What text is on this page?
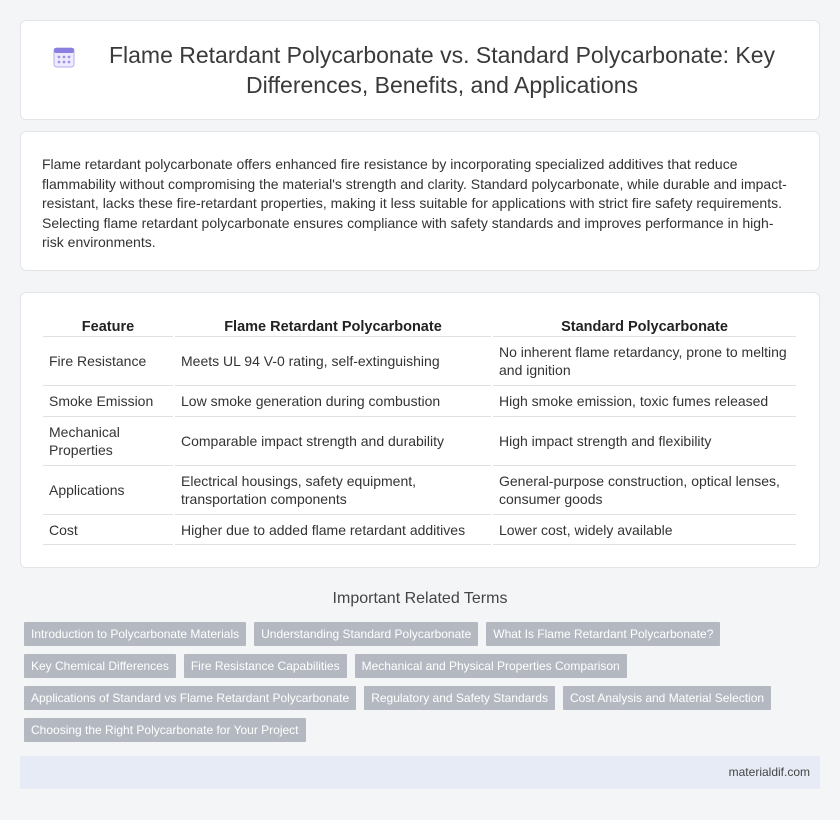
Flame Retardant Polycarbonate vs. Standard Polycarbonate: Key Differences, Benefits, and Applications

Flame retardant polycarbonate offers enhanced fire resistance by incorporating specialized additives that reduce flammability without compromising the material's strength and clarity. Standard polycarbonate, while durable and impact-resistant, lacks these fire-retardant properties, making it less suitable for applications with strict fire safety requirements. Selecting flame retardant polycarbonate ensures compliance with safety standards and improves performance in high-risk environments.

Feature	Flame Retardant Polycarbonate	Standard Polycarbonate
Fire Resistance	Meets UL 94 V-0 rating, self-extinguishing	No inherent flame retardancy, prone to melting and ignition
Smoke Emission	Low smoke generation during combustion	High smoke emission, toxic fumes released
Mechanical Properties	Comparable impact strength and durability	High impact strength and flexibility
Applications	Electrical housings, safety equipment, transportation components	General-purpose construction, optical lenses, consumer goods
Cost	Higher due to added flame retardant additives	Lower cost, widely available
Important Related Terms
Introduction to Polycarbonate Materials	Understanding Standard Polycarbonate	What Is Flame Retardant Polycarbonate?
Key Chemical Differences	Fire Resistance Capabilities	Mechanical and Physical Properties Comparison
Applications of Standard vs Flame Retardant Polycarbonate	Regulatory and Safety Standards	Cost Analysis and Material Selection
Choosing the Right Polycarbonate for Your Project
materialdif.com
